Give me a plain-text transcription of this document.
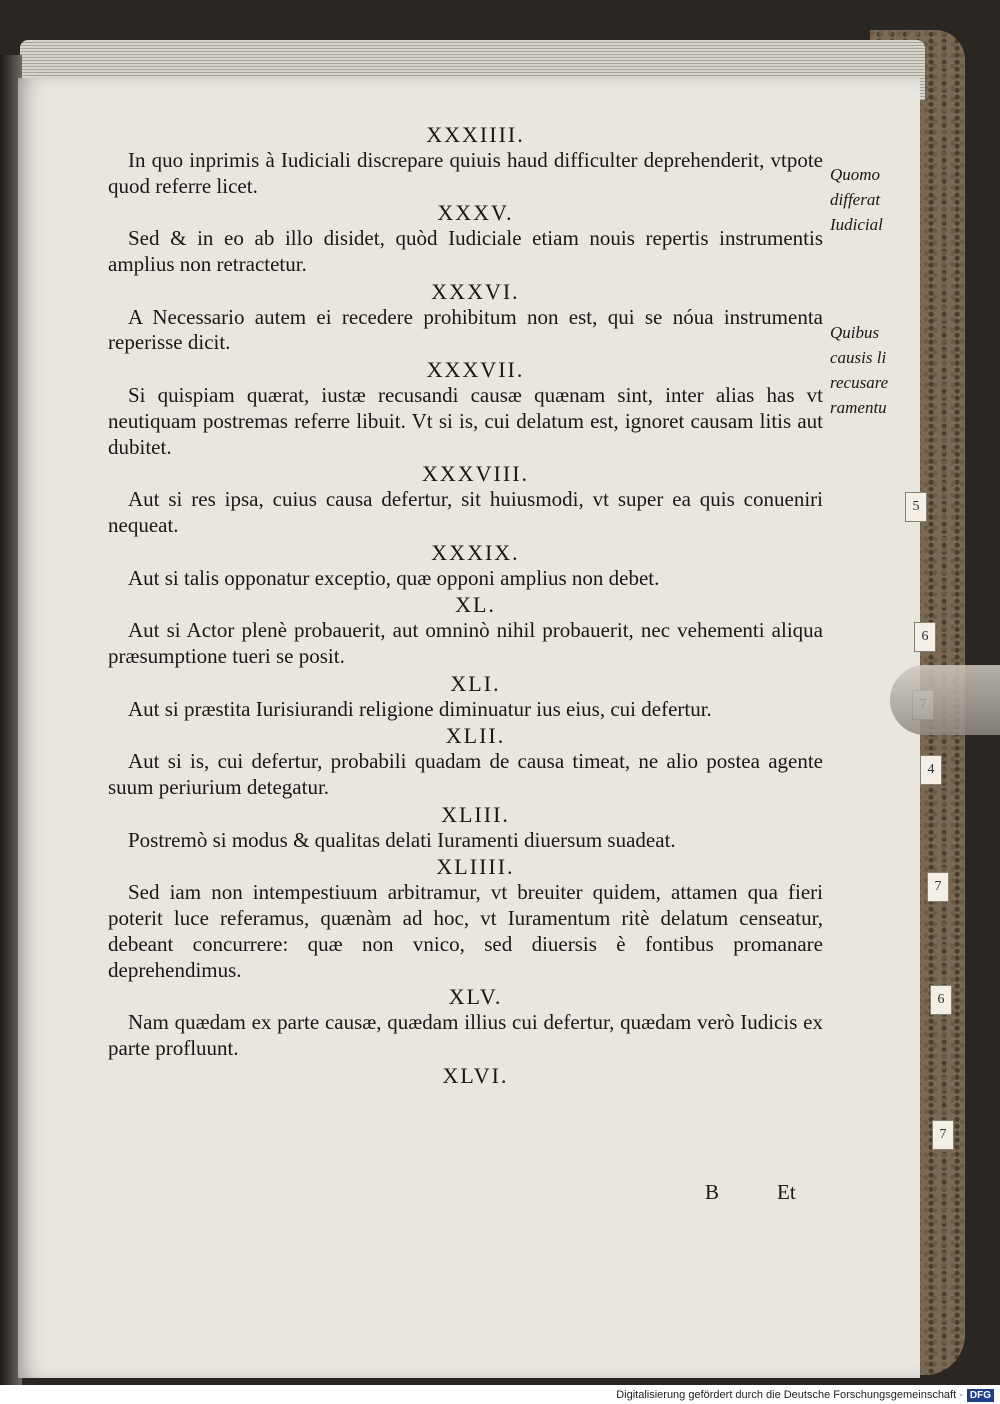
XXXIIII.

In quo inprimis à Iudiciali discrepare quiuis haud difficulter deprehenderit, vtpote quod referre licet.

XXXV.

Sed & in eo ab illo disidet, quòd Iudiciale etiam nouis repertis instrumentis amplius non retractetur.

XXXVI.

A Necessario autem ei recedere prohibitum non est, qui se nóua instrumenta reperisse dicit.

XXXVII.

Si quispiam quærat, iustæ recusandi causæ quænam sint, inter alias has vt neutiquam postremas referre libuit. Vt si is, cui delatum est, ignoret causam litis aut dubitet.

XXXVIII.

Aut si res ipsa, cuius causa defertur, sit huiusmodi, vt super ea quis conueniri nequeat.

XXXIX.

Aut si talis opponatur exceptio, quæ opponi amplius non debet.

XL.

Aut si Actor plenè probauerit, aut omninò nihil probauerit, nec vehementi aliqua præsumptione tueri se posit.

XLI.

Aut si præstita Iurisiurandi religione diminuatur ius eius, cui defertur.

XLII.

Aut si is, cui defertur, probabili quadam de causa timeat, ne alio postea agente suum periurium detegatur.

XLIII.

Postremò si modus & qualitas delati Iuramenti diuersum suadeat.

XLIIII.

Sed iam non intempestiuum arbitramur, vt breuiter quidem, attamen qua fieri poterit luce referamus, quænàm ad hoc, vt Iuramentum ritè delatum censeatur, debeant concurrere: quæ non vnico, sed diuersis è fontibus promanare deprehendimus.

XLV.

Nam quædam ex parte causæ, quædam illius cui defertur, quædam verò Iudicis ex parte profluunt.

XLVI.

Quomo
differat
Iudicial
Quibus
causis li
recusare
ramentu
B	Et
5
6
4
7
6
7
Digitalisierung gefördert durch die Deutsche Forschungsgemeinschaft · DFG
